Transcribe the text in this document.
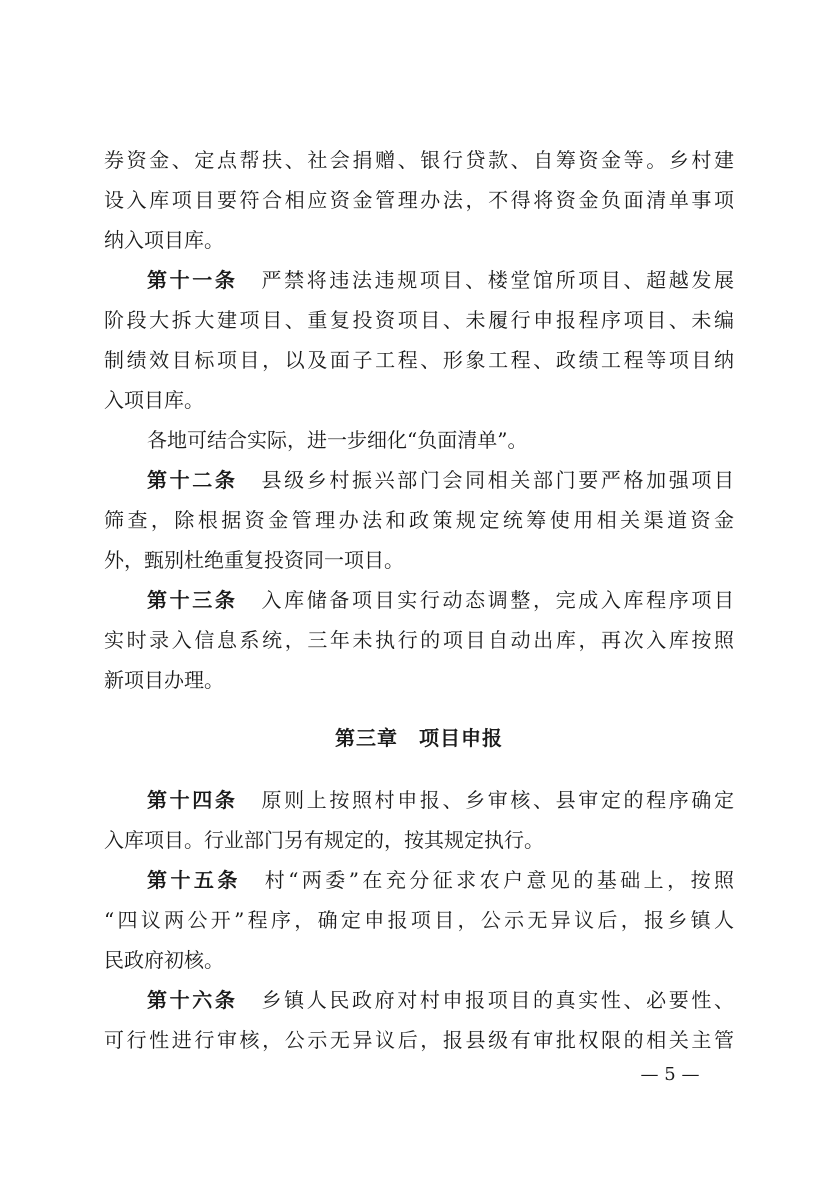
券资金、定点帮扶、社会捐赠、银行贷款、自筹资金等。乡村建
设入库项目要符合相应资金管理办法，不得将资金负面清单事项
纳入项目库。
第十一条 严禁将违法违规项目、楼堂馆所项目、超越发展
阶段大拆大建项目、重复投资项目、未履行申报程序项目、未编
制绩效目标项目，以及面子工程、形象工程、政绩工程等项目纳
入项目库。
各地可结合实际，进一步细化“负面清单”。
第十二条 县级乡村振兴部门会同相关部门要严格加强项目
筛查，除根据资金管理办法和政策规定统筹使用相关渠道资金
外，甄别杜绝重复投资同一项目。
第十三条 入库储备项目实行动态调整，完成入库程序项目
实时录入信息系统，三年未执行的项目自动出库，再次入库按照
新项目办理。
第三章　项目申报
第十四条 原则上按照村申报、乡审核、县审定的程序确定
入库项目。行业部门另有规定的，按其规定执行。
第十五条 村“两委”在充分征求农户意见的基础上，按照
“四议两公开”程序，确定申报项目，公示无异议后，报乡镇人
民政府初核。
第十六条 乡镇人民政府对村申报项目的真实性、必要性、
可行性进行审核，公示无异议后，报县级有审批权限的相关主管
— 5 —
